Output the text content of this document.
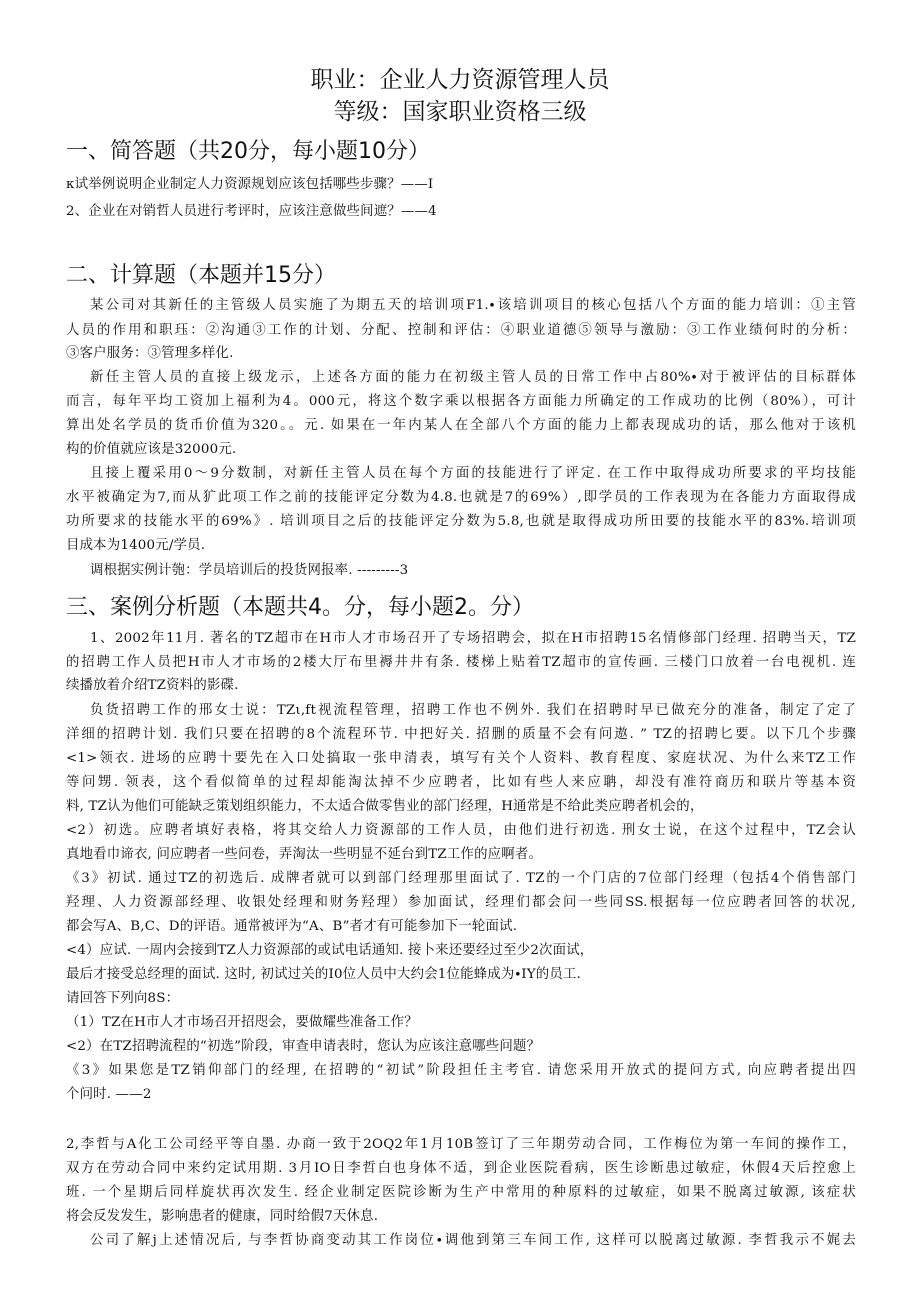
职业：企业人力资源管理人员
等级：国家职业资格三级
一、简答题（共20分，每小题10分）
κ试举例说明企业制定人力资源规划应该包括哪些步骤？——I
2、企业在对销哲人员进行考评时，应该注意做些间遮？——4
二、计算题（本题并15分）
某公司对其新任的主管级人员实施了为期五天的培训项F1.∙该培训项目的核心包括八个方面的能力培训：①主管
人员的作用和职珏：②沟通③工作的计划、分配、控制和评估：④职业道德⑤领导与激励：③工作业绩何时的分析：
③客户服务：③管理多样化.
新任主管人员的直接上级龙示，上述各方面的能力在初级主管人员的日常工作中占80%∙对于被评估的目标群体
而言，每年平均工资加上福利为4。000元，将这个数字乘以根据各方面能力所确定的工作成功的比例（80%），可计
算出处名学员的货币价值为320。。元. 如果在一年内某人在全部八个方面的能力上都表现成功的话，那么他对于该机
构的价值就应该是32000元.
且接上覆采用0〜9分数制，对新任主管人员在每个方面的技能进行了评定. 在工作中取得成功所要求的平均技能
水平被确定为7,而从犷此项工作之前的技能评定分数为4.8.也就是7的69%）,即学员的工作表现为在各能力方面取得成
功所要求的技能水平的69%》. 培训项目之后的技能评定分数为5.8,也就是取得成功所田要的技能水平的83%.培训项
目成本为1400元/学员.
调根据实例计匏：学员培训后的投货网报率. ---------3
三、案例分析题（本题共4。分，每小题2。分）
1、2002年11月. 著名的TZ超市在H市人才市场召开了专场招聘会，拟在H市招聘15名情修部门经理. 招聘当天，TZ
的招聘工作人员把H市人才市场的2楼大厅布里褥井井有条. 楼梯上贴着TZ超市的宣传画. 三楼门口放着一台电视机. 连
续播放着介绍TZ资料的影碟.
负货招聘工作的邢女士说：TZι,ft视流程管理，招聘工作也不例外. 我们在招聘时早已做充分的准备，制定了定了
洋细的招聘计划. 我们只要在招聘的8个流程环节. 中把好关. 招删的质量不会有问遨. ” TZ的招聘匕要。以下几个步骤
<1>领衣. 进场的应聘十要先在入口处搞取一张申清表，填写有关个人资料、教育程度、家庭状况、为什么来TZ工作
等问甥. 领表，这个看似简单的过程却能淘汰掉不少应聘者，比如有些人来应聃，却没有准符商历和联片等基本资
料, TZ认为他们可能缺乏策划组织能力，不太适合做零售业的部门经理，H通常是不给此类应聘者机会的，
<2）初选。应聘者填好表格，将其交给人力资源部的工作人员，由他们进行初选. 刑女士说，在这个过程中，TZ会认
真地看巾谛衣, 问应聘者一些问卷，弄淘汰一些明显不延台到TZ工作的应啊者。
《3》初试. 通过TZ的初选后. 成牌者就可以到部门经理那里面试了. TZ的一个门店的7位部门经理（包括4个俏售部门
羟理、人力资源部经理、收银处经理和财务羟理）参加面试，经理们都会问一些同SS.根据每一位应聘者回答的状况,
都会写A、B,C、D的评语。通常被评为“A、B”者才有可能参加下一轮面试.
<4）应试. 一周内会接到TZ人力资源部的或试电话通知. 接卜来还要经过至少2次面试，
最后才接受总经理的面试. 这时, 初试过关的I0位人员中大约会1位能蜂成为∙IY的员工.
请回答下列向8S：
（1）TZ在H市人才市场召开招咫会，要做耀些准备工作？
<2）在TZ招聘流程的“初选”阶段，审查申请表时，您认为应该注意哪些问题？
《3》如果您是TZ销仰部门的经理, 在招聘的“初试”阶段担任主考官. 请您采用开放式的提问方式, 向应聘者提出四
个问时. ——2
2,李哲与A化工公司经平等自墨. 办商一致于2OQ2年1月10B签订了三年期劳动合同，工作梅位为第一车间的操作工，
双方在劳动合同中来约定试用期. 3月IO日李哲白也身体不适，到企业医院看病，医生诊断患过敏症，休假4天后控愈上
班. 一个星期后同样旋状再次发生. 经企业制定医院诊断为生产中常用的种原料的过敏症，如果不脱离过敏源, 该症状
将会反发发生，影响患者的健康，同时给假7天休息.
公司了解j上述情况后, 与李哲协商变动其工作岗位∙调他到第三车间工作, 这样可以脱离过敏源. 李哲我示不娓去
